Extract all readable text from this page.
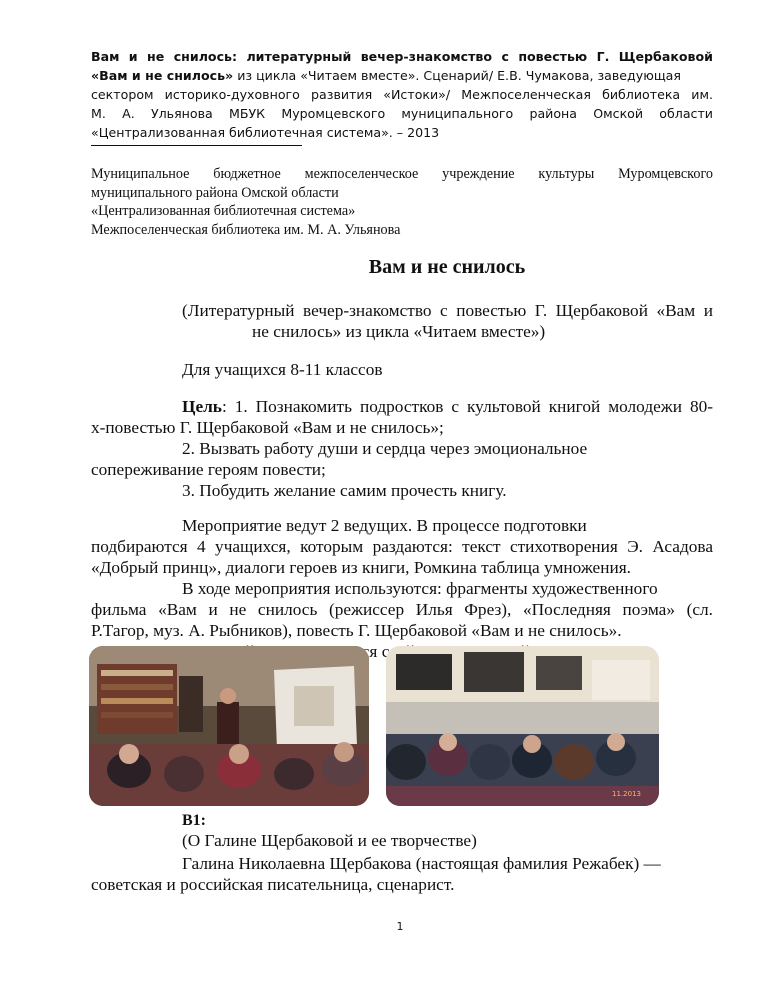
Вам и не снилось: литературный вечер-знакомство с повестью Г. Щербаковой
«Вам и не снилось» из цикла «Читаем вместе». Сценарий/ Е.В. Чумакова, заведующая
сектором историко-духовного развития «Истоки»/ Межпоселенческая библиотека им.
М. А. Ульянова МБУК Муромцевского муниципального района Омской области
«Централизованная библиотечная система». – 2013
Муниципальное бюджетное межпоселенческое учреждение культуры Муромцевского
муниципального района Омской области
«Централизованная библиотечная система»
Межпоселенческая библиотека им. М. А. Ульянова
Вам и не снилось
(Литературный вечер-знакомство с повестью Г. Щербаковой «Вам и
не снилось» из цикла «Читаем вместе»)
Для учащихся 8-11 классов
Цель: 1. Познакомить подростков с культовой книгой молодежи 80-
х-повестью Г. Щербаковой «Вам и не снилось»;
2. Вызвать работу души и сердца через эмоциональное
сопереживание героям повести;
3. Побудить желание самим прочесть книгу.
Мероприятие ведут 2 ведущих. В процессе подготовки
подбираются 4 учащихся, которым раздаются: текст стихотворения Э. Асадова
«Добрый принц», диалоги героев из книги, Ромкина таблица умножения.
В ходе мероприятия используются: фрагменты художественного
фильма «Вам и не снилось (режиссер Илья Фрез), «Последняя поэма» (сл.
Р.Тагор, муз. А. Рыбников), повесть Г. Щербаковой «Вам и не снилось».
11.2013
В1:
(О Галине Щербаковой и ее творчестве)
Галина Николаевна Щербакова (настоящая фамилия Режабек) —
советская и российская писательница, сценарист.
1
